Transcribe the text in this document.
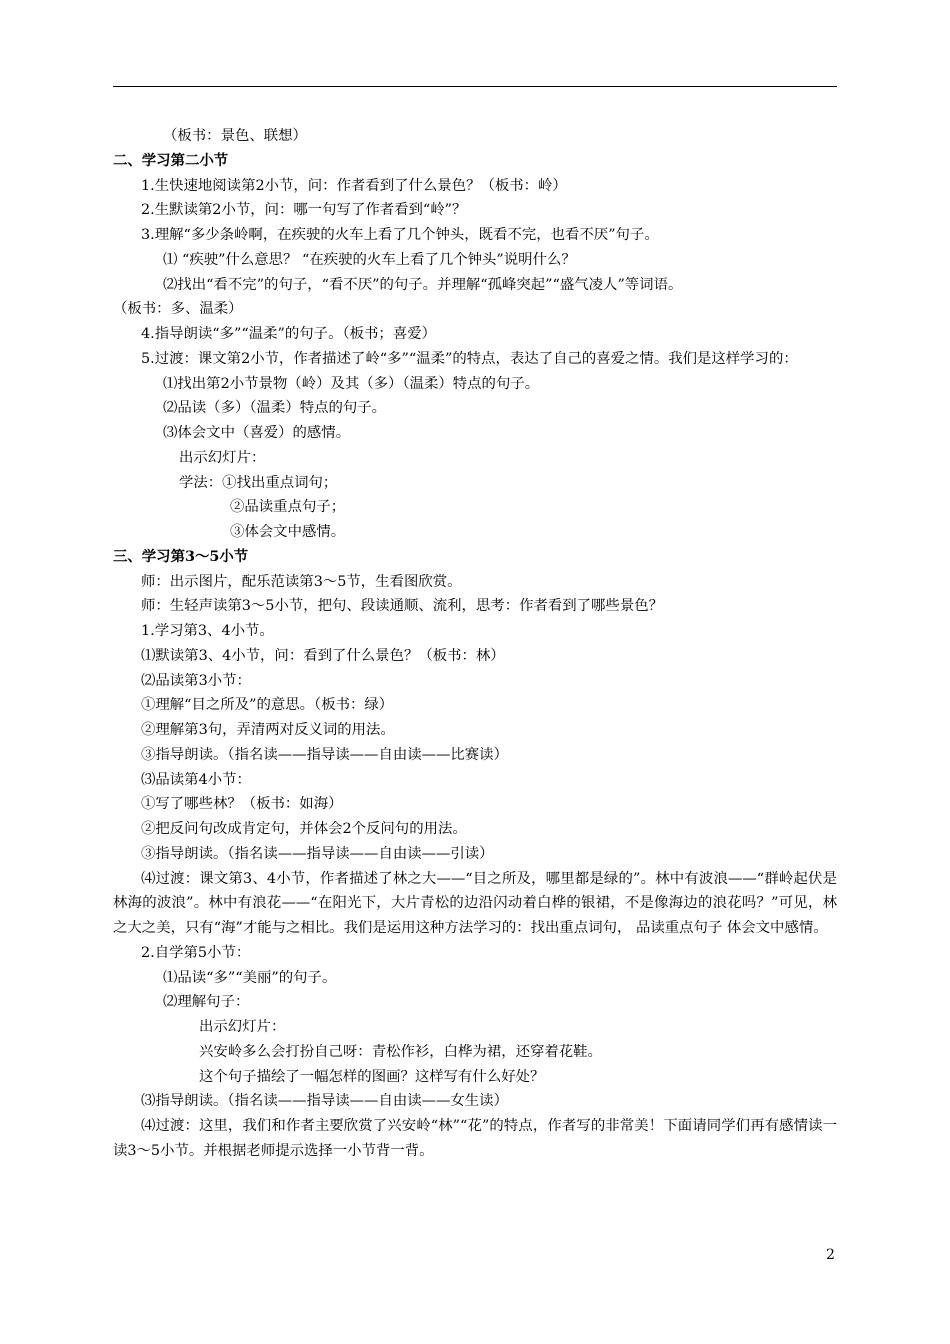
（板书：景色、联想）
二、学习第二小节
1.生快速地阅读第2小节，问：作者看到了什么景色？（板书：岭）
2.生默读第2小节，问：哪一句写了作者看到“岭”？
3.理解“多少条岭啊，在疾驶的火车上看了几个钟头，既看不完，也看不厌”句子。
⑴ “疾驶”什么意思？ “在疾驶的火车上看了几个钟头”说明什么？
⑵找出“看不完”的句子，“看不厌”的句子。并理解“孤峰突起”“盛气凌人”等词语。
（板书：多、温柔）
4.指导朗读“多”“温柔”的句子。（板书；喜爱）
5.过渡：课文第2小节，作者描述了岭“多”“温柔”的特点，表达了自己的喜爱之情。我们是这样学习的：
⑴找出第2小节景物（岭）及其（多）（温柔）特点的句子。
⑵品读（多）（温柔）特点的句子。
⑶体会文中（喜爱）的感情。
出示幻灯片：
学法：①找出重点词句；
②品读重点句子；
③体会文中感情。
三、学习第3～5小节
师：出示图片，配乐范读第3～5节，生看图欣赏。
师：生轻声读第3～5小节，把句、段读通顺、流利，思考：作者看到了哪些景色？
1.学习第3、4小节。
⑴默读第3、4小节，问：看到了什么景色？（板书：林）
⑵品读第3小节：
①理解“目之所及”的意思。（板书：绿）
②理解第3句，弄清两对反义词的用法。
③指导朗读。（指名读——指导读——自由读——比赛读）
⑶品读第4小节：
①写了哪些林？（板书：如海）
②把反问句改成肯定句，并体会2个反问句的用法。
③指导朗读。（指名读——指导读——自由读——引读）
⑷过渡：课文第3、4小节，作者描述了林之大——“目之所及，哪里都是绿的”。林中有波浪——“群岭起伏是林海的波浪”。林中有浪花——“在阳光下，大片青松的边沿闪动着白桦的银裙，不是像海边的浪花吗？”可见，林之大之美，只有“海”才能与之相比。我们是运用这种方法学习的：找出重点词句， 品读重点句子 体会文中感情。
2.自学第5小节：
⑴品读“多”“美丽”的句子。
⑵理解句子：
出示幻灯片：
兴安岭多么会打扮自己呀：青松作衫，白桦为裙，还穿着花鞋。
这个句子描绘了一幅怎样的图画？这样写有什么好处？
⑶指导朗读。（指名读——指导读——自由读——女生读）
⑷过渡：这里，我们和作者主要欣赏了兴安岭“林”“花”的特点，作者写的非常美！下面请同学们再有感情读一读3～5小节。并根据老师提示选择一小节背一背。
2
